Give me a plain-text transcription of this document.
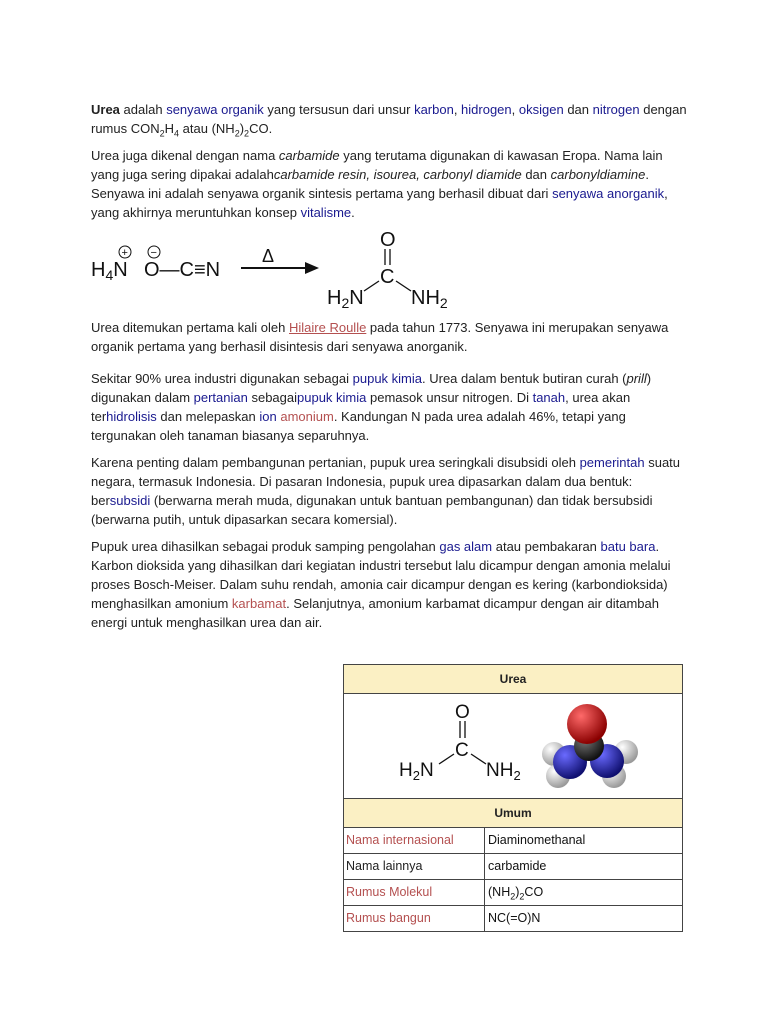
Urea adalah senyawa organik yang tersusun dari unsur karbon, hidrogen, oksigen dan nitrogen dengan rumus $CON_2H_4$ atau $(NH_2)_2CO$.

Urea juga dikenal dengan nama carbamide yang terutama digunakan di kawasan Eropa. Nama lain yang juga sering dipakai adalahcarbamide resin, isourea, carbonyl diamide dan carbonyldiamine. Senyawa ini adalah senyawa organik sintesis pertama yang berhasil dibuat dari senyawa anorganik, yang akhirnya meruntuhkan konsep vitalisme.

+ −
$H_4N$ O—C≡N
Δ
O
C
$H_2N$ $NH_2$

Urea ditemukan pertama kali oleh Hilaire Roulle pada tahun 1773. Senyawa ini merupakan senyawa organik pertama yang berhasil disintesis dari senyawa anorganik.

Sekitar 90% urea industri digunakan sebagai pupuk kimia. Urea dalam bentuk butiran curah (prill) digunakan dalam pertanian sebagaipupuk kimia pemasok unsur nitrogen. Di tanah, urea akan terhidrolisis dan melepaskan ion amonium. Kandungan N pada urea adalah 46%, tetapi yang tergunakan oleh tanaman biasanya separuhnya.

Karena penting dalam pembangunan pertanian, pupuk urea seringkali disubsidi oleh pemerintah suatu negara, termasuk Indonesia. Di pasaran Indonesia, pupuk urea dipasarkan dalam dua bentuk: bersubsidi (berwarna merah muda, digunakan untuk bantuan pembangunan) dan tidak bersubsidi (berwarna putih, untuk dipasarkan secara komersial).

Pupuk urea dihasilkan sebagai produk samping pengolahan gas alam atau pembakaran batu bara. Karbon dioksida yang dihasilkan dari kegiatan industri tersebut lalu dicampur dengan amonia melalui proses Bosch-Meiser. Dalam suhu rendah, amonia cair dicampur dengan es kering (karbondioksida) menghasilkan amonium karbamat. Selanjutnya, amonium karbamat dicampur dengan air ditambah energi untuk menghasilkan urea dan air.

Urea
O
C
$H_2N$	$NH_2$
Umum
Nama internasional	Diaminomethanal
Nama lainnya	carbamide
Rumus Molekul	$(NH_2)_2CO$
Rumus bangun	NC(=O)N
